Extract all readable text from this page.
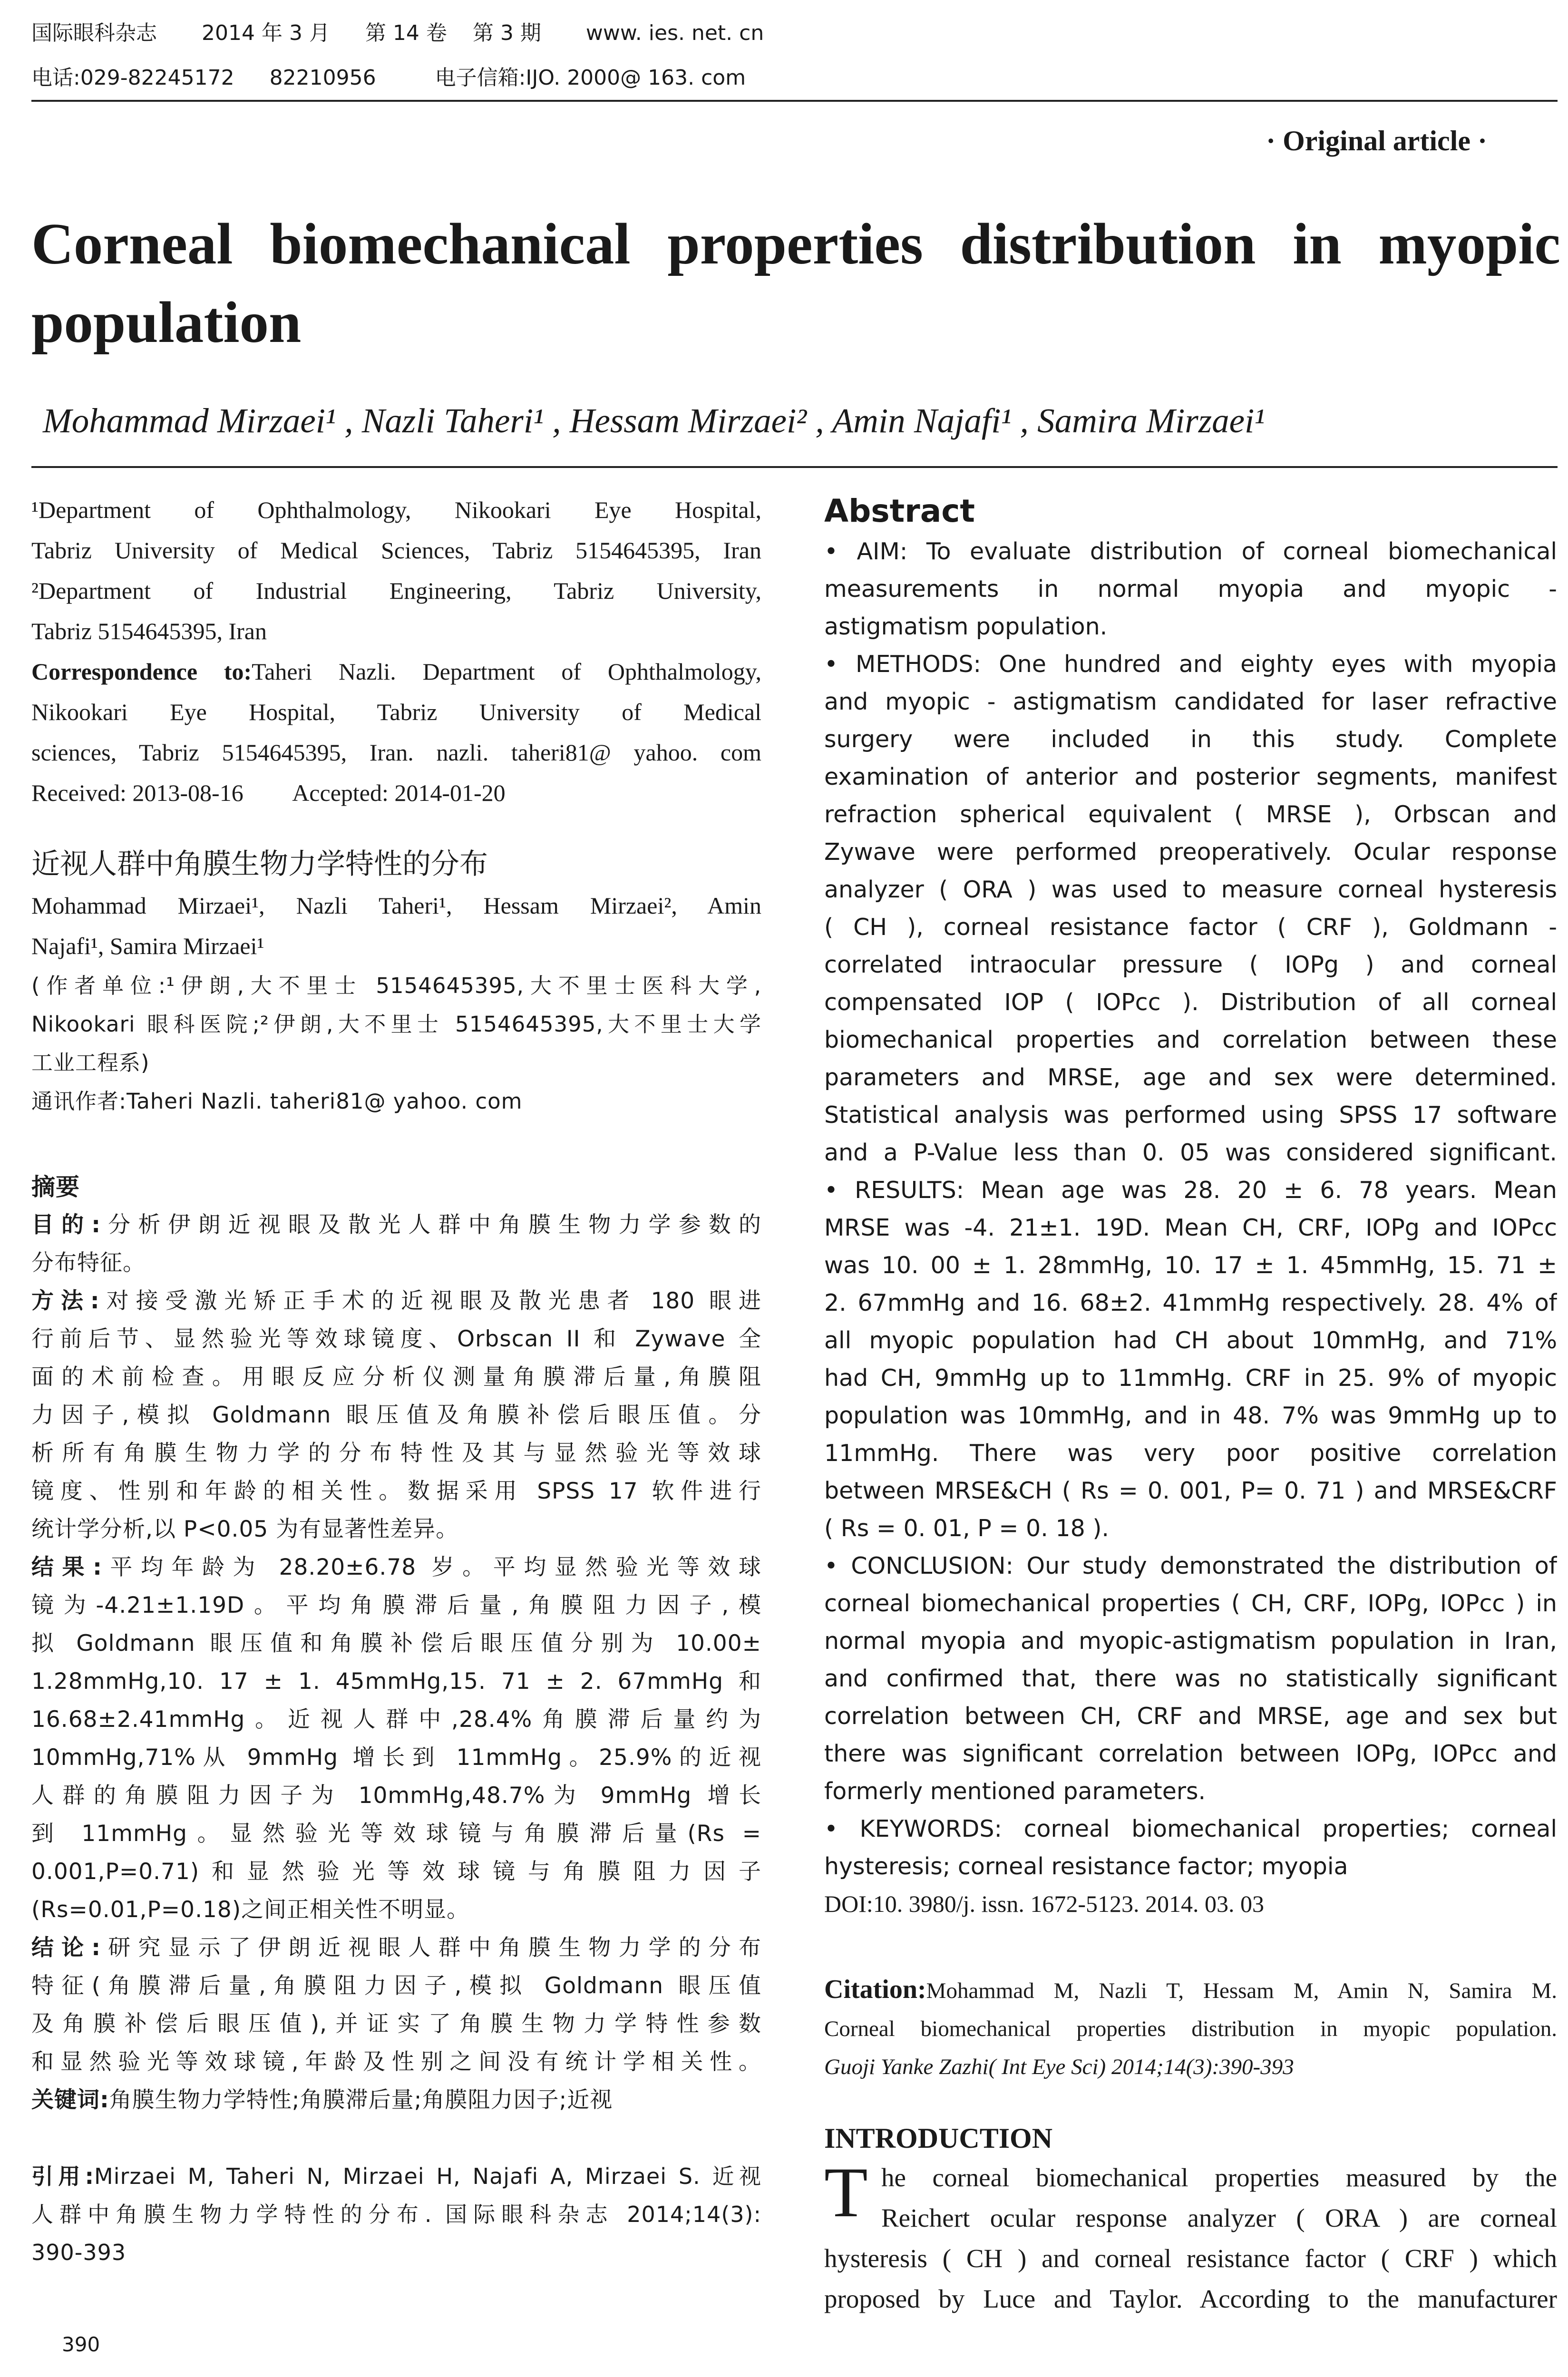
国际眼科杂志 2014 年 3 月 第 14 卷 第 3 期 www. ies. net. cn
电话:029-82245172 82210956	电子信箱:IJO. 2000@ 163. com
· Original article ·
Corneal biomechanical properties distribution in myopic
population
Mohammad Mirzaei¹ , Nazli Taheri¹ , Hessam Mirzaei² , Amin Najafi¹ , Samira Mirzaei¹
¹Department of Ophthalmology, Nikookari Eye Hospital,
Tabriz University of Medical Sciences, Tabriz 5154645395, Iran
²Department of Industrial Engineering, Tabriz University,
Tabriz 5154645395, Iran
Correspondence to:Taheri Nazli. Department of Ophthalmology,
Nikookari Eye Hospital, Tabriz University of Medical
sciences, Tabriz 5154645395, Iran. nazli. taheri81@ yahoo. com
Received: 2013-08-16 Accepted: 2014-01-20
近视人群中角膜生物力学特性的分布
Mohammad Mirzaei¹, Nazli Taheri¹, Hessam Mirzaei², Amin
Najafi¹, Samira Mirzaei¹
(作者单位:¹伊朗,大不里士 5154645395,大不里士医科大学,
Nikookari 眼科医院;²伊朗,大不里士 5154645395,大不里士大学
工业工程系)
通讯作者:Taheri Nazli. taheri81@ yahoo. com
摘要
目的:分析伊朗近视眼及散光人群中角膜生物力学参数的
分布特征。
方法:对接受激光矫正手术的近视眼及散光患者 180 眼进
行前后节、显然验光等效球镜度、Orbscan II 和 Zywave 全
面的术前检查。用眼反应分析仪测量角膜滞后量,角膜阻
力因子,模拟 Goldmann 眼压值及角膜补偿后眼压值。分
析所有角膜生物力学的分布特性及其与显然验光等效球
镜度、性别和年龄的相关性。数据采用 SPSS 17 软件进行
统计学分析,以 P<0.05 为有显著性差异。
结果:平均年龄为 28.20±6.78 岁。平均显然验光等效球
镜为-4.21±1.19D。平均角膜滞后量,角膜阻力因子,模
拟 Goldmann 眼压值和角膜补偿后眼压值分别为 10.00±
1.28mmHg,10. 17 ± 1. 45mmHg,15. 71 ± 2. 67mmHg 和
16.68±2.41mmHg。近视人群中,28.4%角膜滞后量约为
10mmHg,71%从 9mmHg 增长到 11mmHg。25.9%的近视
人群的角膜阻力因子为 10mmHg,48.7%为 9mmHg 增长
到 11mmHg。显然验光等效球镜与角膜滞后量(Rs =
0.001,P=0.71)和显然验光等效球镜与角膜阻力因子
(Rs=0.01,P=0.18)之间正相关性不明显。
结论:研究显示了伊朗近视眼人群中角膜生物力学的分布
特征(角膜滞后量,角膜阻力因子,模拟 Goldmann 眼压值
及角膜补偿后眼压值),并证实了角膜生物力学特性参数
和显然验光等效球镜,年龄及性别之间没有统计学相关性。
关键词:角膜生物力学特性;角膜滞后量;角膜阻力因子;近视
引用:Mirzaei M, Taheri N, Mirzaei H, Najafi A, Mirzaei S. 近视
人群中角膜生物力学特性的分布. 国际眼科杂志 2014;14(3):
390-393
390
Abstract
• AIM: To evaluate distribution of corneal biomechanical
measurements in normal myopia and myopic -
astigmatism population.
• METHODS: One hundred and eighty eyes with myopia
and myopic - astigmatism candidated for laser refractive
surgery were included in this study. Complete
examination of anterior and posterior segments, manifest
refraction spherical equivalent ( MRSE ), Orbscan and
Zywave were performed preoperatively. Ocular response
analyzer ( ORA ) was used to measure corneal hysteresis
( CH ), corneal resistance factor ( CRF ), Goldmann -
correlated intraocular pressure ( IOPg ) and corneal
compensated IOP ( IOPcc ). Distribution of all corneal
biomechanical properties and correlation between these
parameters and MRSE, age and sex were determined.
Statistical analysis was performed using SPSS 17 software
and a P-Value less than 0. 05 was considered significant.
• RESULTS: Mean age was 28. 20 ± 6. 78 years. Mean
MRSE was -4. 21±1. 19D. Mean CH, CRF, IOPg and IOPcc
was 10. 00 ± 1. 28mmHg, 10. 17 ± 1. 45mmHg, 15. 71 ±
2. 67mmHg and 16. 68±2. 41mmHg respectively. 28. 4% of
all myopic population had CH about 10mmHg, and 71%
had CH, 9mmHg up to 11mmHg. CRF in 25. 9% of myopic
population was 10mmHg, and in 48. 7% was 9mmHg up to
11mmHg. There was very poor positive correlation
between MRSE&CH ( Rs = 0. 001, P= 0. 71 ) and MRSE&CRF
( Rs = 0. 01, P = 0. 18 ).
• CONCLUSION: Our study demonstrated the distribution of
corneal biomechanical properties ( CH, CRF, IOPg, IOPcc ) in
normal myopia and myopic-astigmatism population in Iran,
and confirmed that, there was no statistically significant
correlation between CH, CRF and MRSE, age and sex but
there was significant correlation between IOPg, IOPcc and
formerly mentioned parameters.
• KEYWORDS: corneal biomechanical properties; corneal
hysteresis; corneal resistance factor; myopia
DOI:10. 3980/j. issn. 1672-5123. 2014. 03. 03
Citation:Mohammad M, Nazli T, Hessam M, Amin N, Samira M.
Corneal biomechanical properties distribution in myopic population.
Guoji Yanke Zazhi( Int Eye Sci) 2014;14(3):390-393
INTRODUCTION
T he corneal biomechanical properties measured by the
Reichert ocular response analyzer ( ORA ) are corneal
hysteresis ( CH ) and corneal resistance factor ( CRF ) which
proposed by Luce and Taylor. According to the manufacturer
